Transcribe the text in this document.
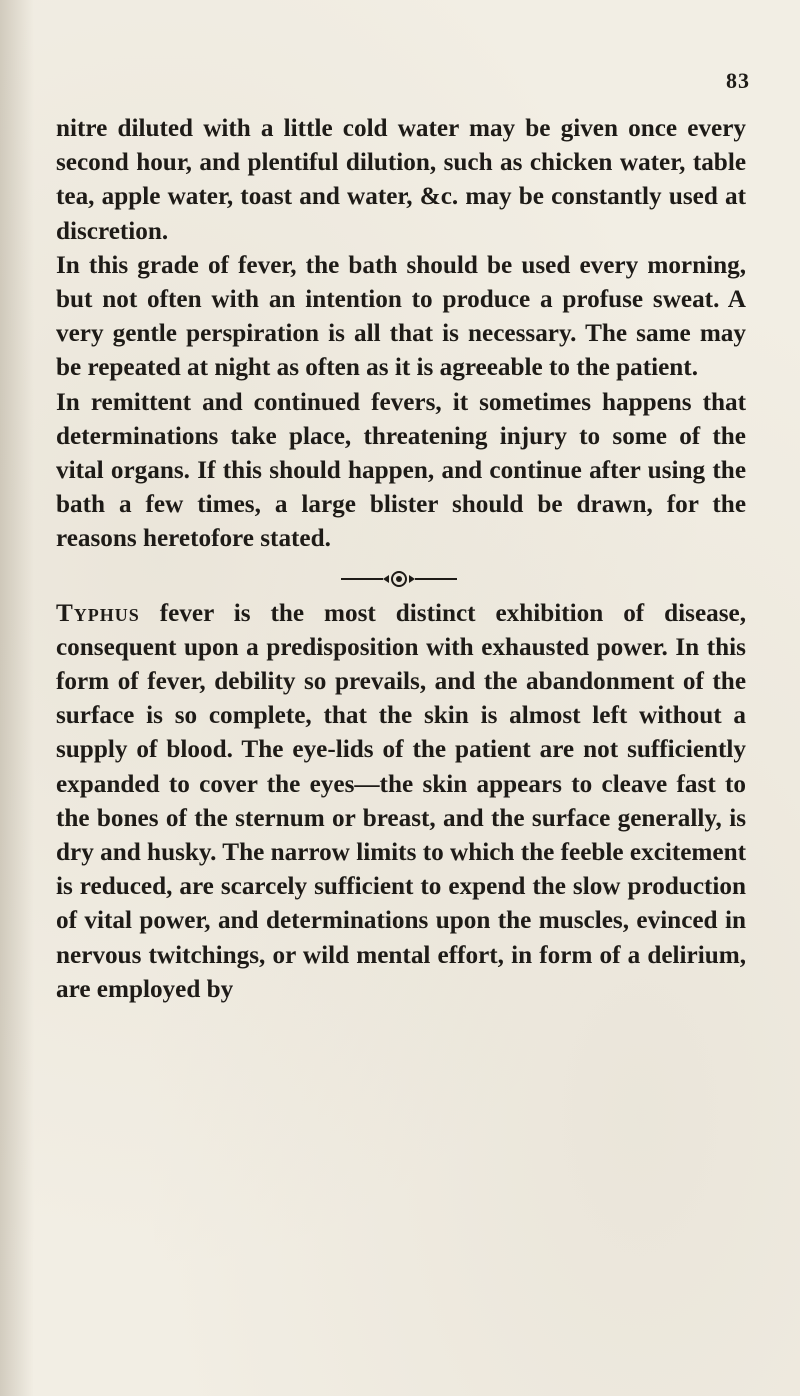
83

nitre diluted with a little cold water may be given once every second hour, and plentiful dilution, such as chicken water, table tea, apple water, toast and water, &c. may be constantly used at discretion.

In this grade of fever, the bath should be used every morning, but not often with an intention to produce a profuse sweat. A very gentle perspiration is all that is necessary. The same may be repeated at night as often as it is agreeable to the patient.

In remittent and continued fevers, it sometimes happens that determinations take place, threatening injury to some of the vital organs. If this should happen, and continue after using the bath a few times, a large blister should be drawn, for the reasons heretofore stated.

Typhus fever is the most distinct exhibition of disease, consequent upon a predisposition with exhausted power. In this form of fever, debility so prevails, and the abandonment of the surface is so complete, that the skin is almost left without a supply of blood. The eye-lids of the patient are not sufficiently expanded to cover the eyes—the skin appears to cleave fast to the bones of the sternum or breast, and the surface generally, is dry and husky. The narrow limits to which the feeble excitement is reduced, are scarcely sufficient to expend the slow production of vital power, and determinations upon the muscles, evinced in nervous twitchings, or wild mental effort, in form of a delirium, are employed by
